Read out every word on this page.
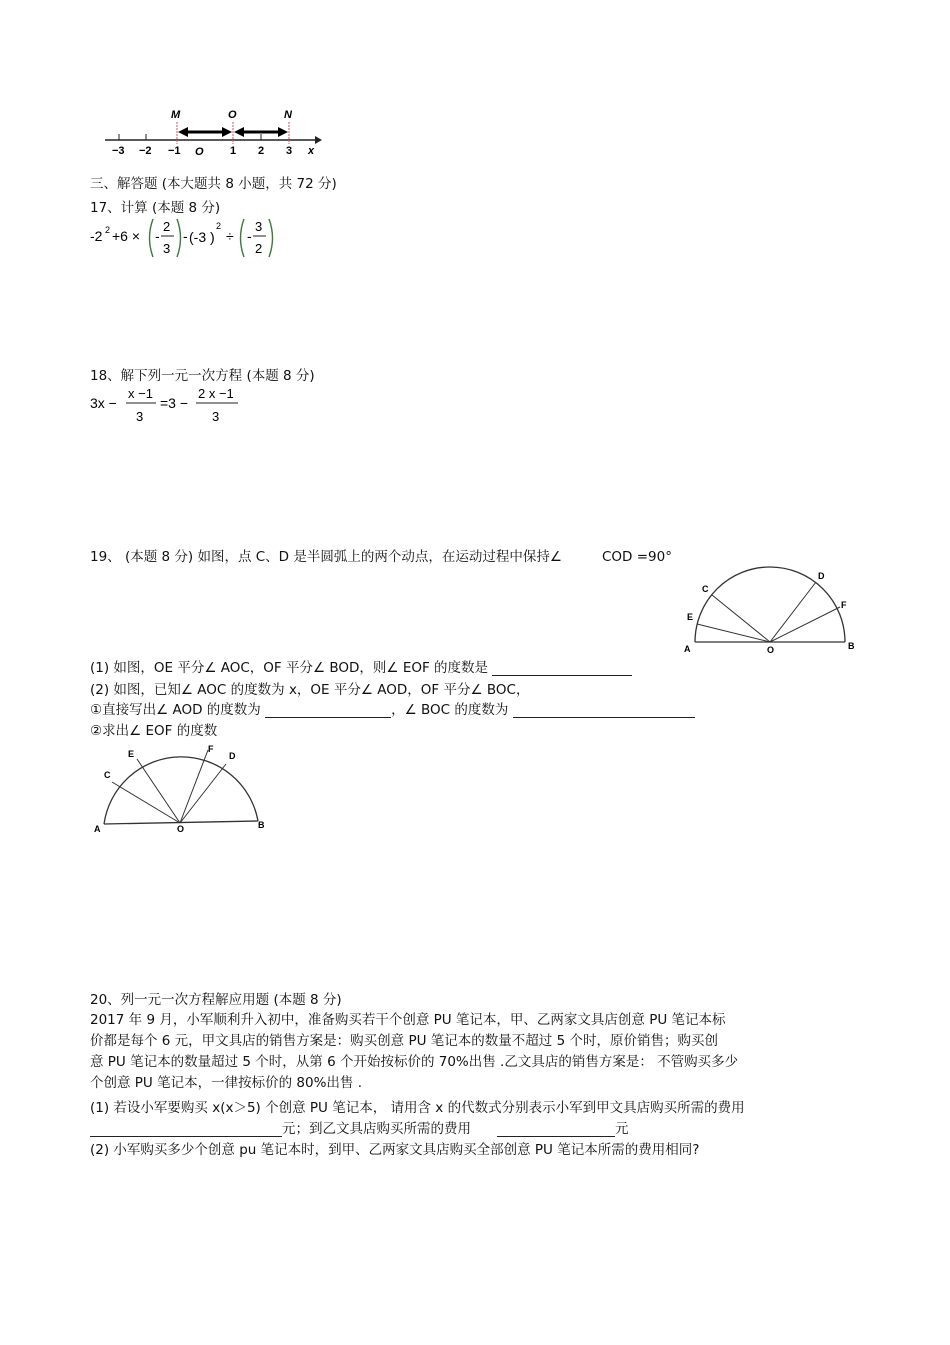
M	O	N
−3 −2 −1 O 1 2 3 x
三、解答题 (本大题共 8 小题，共 72 分)
17、计算 (本题 8 分)
-2 2 +6 × -
2
3
- (-3 )
2
÷ -
3
2
18、解下列一元一次方程 (本题 8 分)
3x −
x −1
3
=3 −
2 x −1
3
19、 (本题 8 分) 如图，点 C、D 是半圆弧上的两个动点，在运动过程中保持∠	COD =90°
A	O	B
C
D
E
F
(1) 如图，OE 平分∠ AOC，OF 平分∠ BOD，则∠ EOF 的度数是
(2) 如图，已知∠ AOC 的度数为 x，OE 平分∠ AOD，OF 平分∠ BOC，
①直接写出∠ AOD 的度数为	，∠ BOC 的度数为
②求出∠ EOF 的度数
A	O	B
C
D
E	F
20、列一元一次方程解应用题 (本题 8 分)
2017 年 9 月，小军顺利升入初中，准备购买若干个创意 PU 笔记本，甲、乙两家文具店创意 PU 笔记本标
价都是每个 6 元，甲文具店的销售方案是：购买创意 PU 笔记本的数量不超过 5 个时，原价销售；购买创
意 PU 笔记本的数量超过 5 个时，从第 6 个开始按标价的 70%出售 .乙文具店的销售方案是： 不管购买多少
个创意 PU 笔记本，一律按标价的 80%出售 .
(1) 若设小军要购买 x(x＞5) 个创意 PU 笔记本， 请用含 x 的代数式分别表示小军到甲文具店购买所需的费用
元；到乙文具店购买所需的费用	元
(2) 小军购买多少个创意 pu 笔记本时，到甲、乙两家文具店购买全部创意 PU 笔记本所需的费用相同?
